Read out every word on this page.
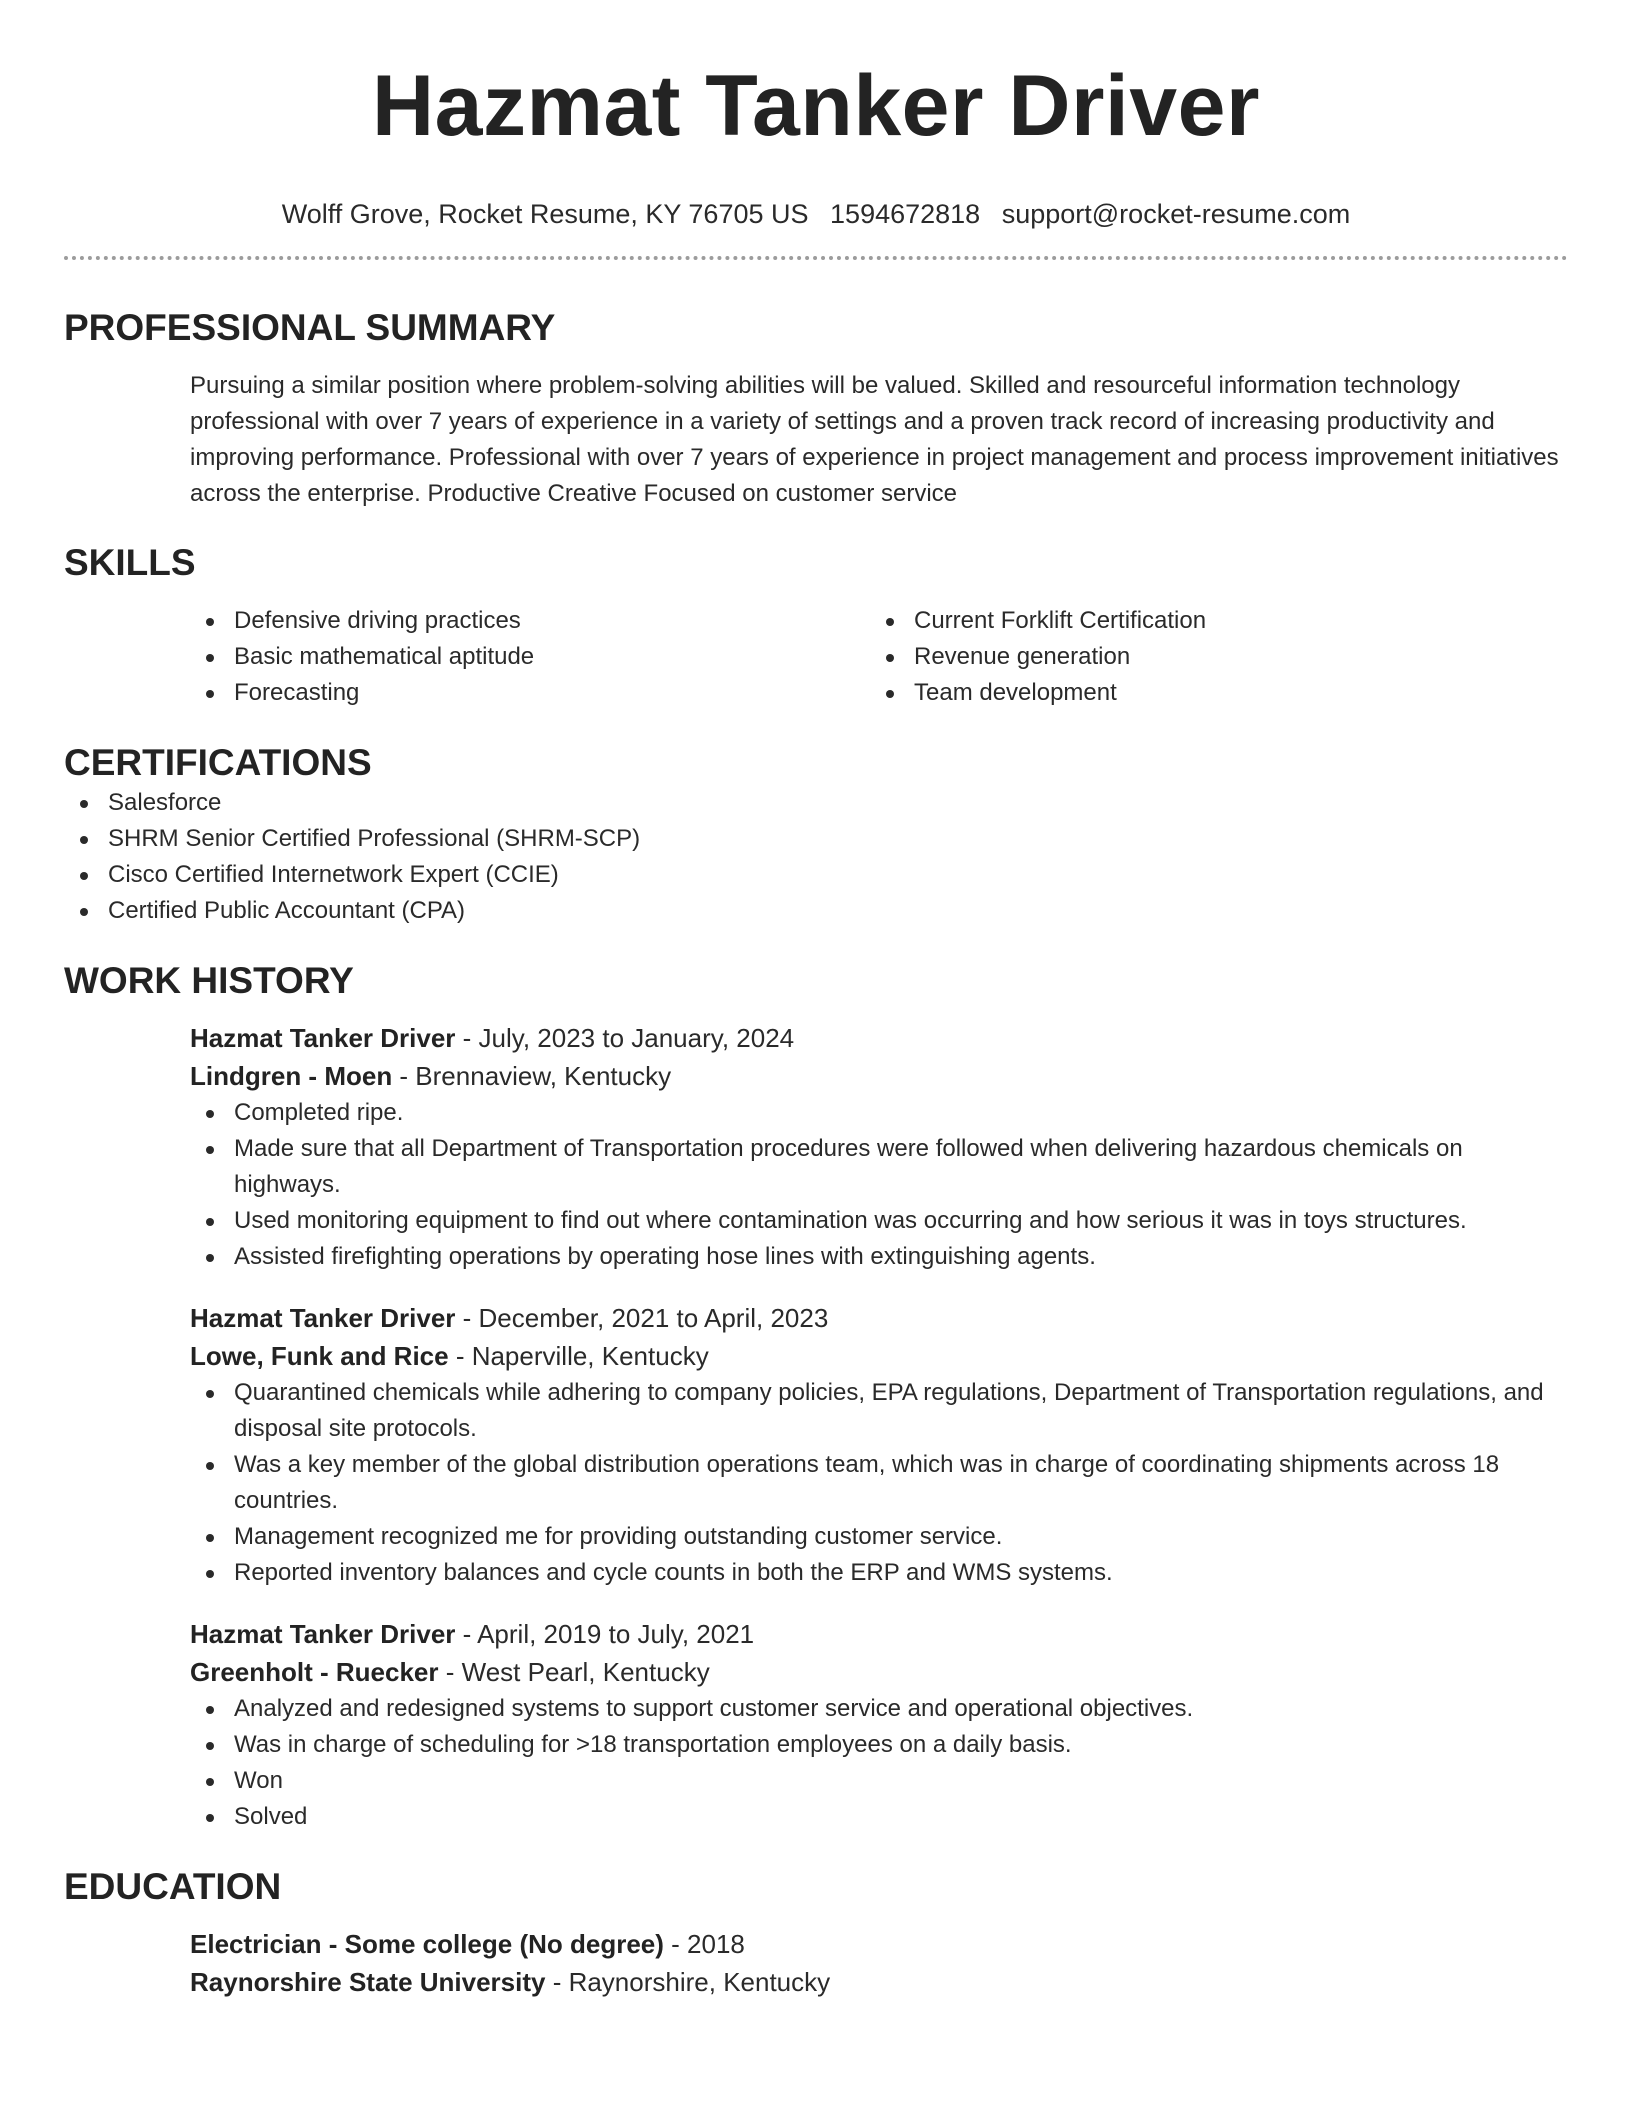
Hazmat Tanker Driver
Wolff Grove, Rocket Resume, KY 76705 US 1594672818 support@rocket-resume.com
PROFESSIONAL SUMMARY

Pursuing a similar position where problem-solving abilities will be valued. Skilled and resourceful information technology professional with over 7 years of experience in a variety of settings and a proven track record of increasing productivity and improving performance. Professional with over 7 years of experience in project management and process improvement initiatives across the enterprise. Productive Creative Focused on customer service

SKILLS
Defensive driving practices
Basic mathematical aptitude
Forecasting
Current Forklift Certification
Revenue generation
Team development
CERTIFICATIONS
Salesforce
SHRM Senior Certified Professional (SHRM-SCP)
Cisco Certified Internetwork Expert (CCIE)
Certified Public Accountant (CPA)
WORK HISTORY
Hazmat Tanker Driver - July, 2023 to January, 2024
Lindgren - Moen - Brennaview, Kentucky
Completed ripe.
Made sure that all Department of Transportation procedures were followed when delivering hazardous chemicals on highways.
Used monitoring equipment to find out where contamination was occurring and how serious it was in toys structures.
Assisted firefighting operations by operating hose lines with extinguishing agents.
Hazmat Tanker Driver - December, 2021 to April, 2023
Lowe, Funk and Rice - Naperville, Kentucky
Quarantined chemicals while adhering to company policies, EPA regulations, Department of Transportation regulations, and disposal site protocols.
Was a key member of the global distribution operations team, which was in charge of coordinating shipments across 18 countries.
Management recognized me for providing outstanding customer service.
Reported inventory balances and cycle counts in both the ERP and WMS systems.
Hazmat Tanker Driver - April, 2019 to July, 2021
Greenholt - Ruecker - West Pearl, Kentucky
Analyzed and redesigned systems to support customer service and operational objectives.
Was in charge of scheduling for >18 transportation employees on a daily basis.
Won
Solved
EDUCATION
Electrician - Some college (No degree) - 2018
Raynorshire State University - Raynorshire, Kentucky
